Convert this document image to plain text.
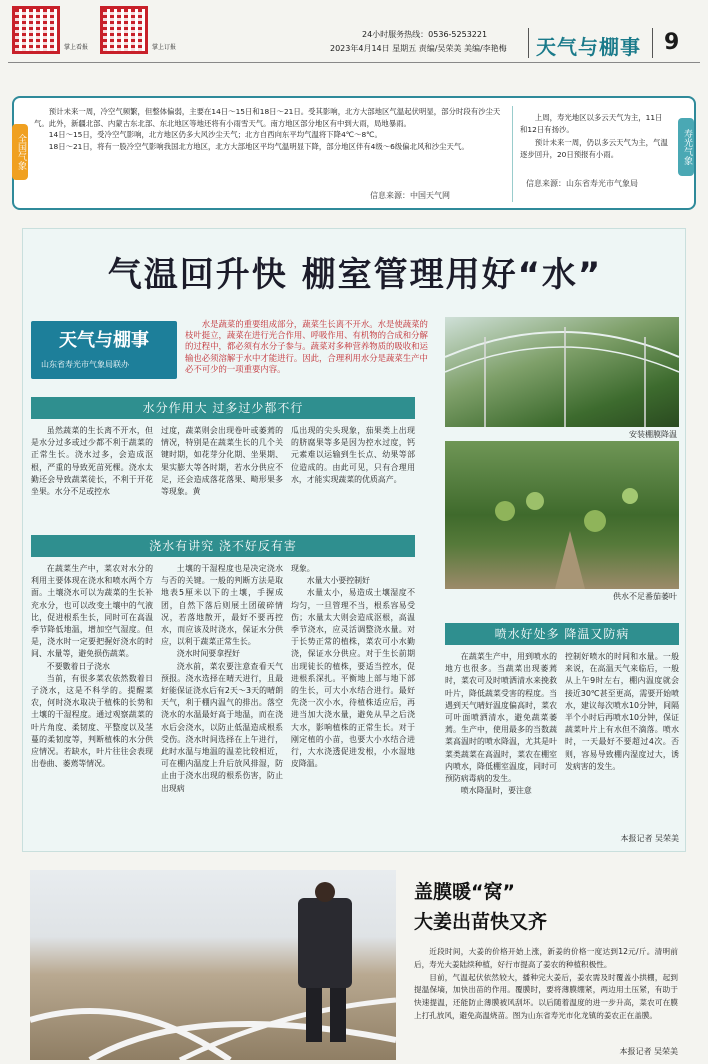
掌上看报	掌上订报
24小时服务热线：0536-5253221
2023年4月14日 星期五 责编/吴荣美 美编/李艳梅 天气与棚事 9
全国气象

预计未来一周，冷空气频繁，但整体偏弱，主要在14日～15日和18日～21日。受其影响，北方大部地区气温起伏明显，部分时段有沙尘天气。此外，新疆北部、内蒙古东北部、东北地区等地还将有小雨雪天气。南方地区部分地区有中到大雨，局地暴雨。

14日～15日，受冷空气影响，北方地区仍多大风沙尘天气；北方自西向东平均气温将下降4℃～8℃。

18日～21日，将有一股冷空气影响我国北方地区，北方大部地区平均气温明显下降，部分地区伴有4级～6级偏北风和沙尘天气。

信息来源：中国天气网

上周，寿光地区以多云天气为主，11日和12日有扬沙。

预计未来一周，仍以多云天气为主，气温逐步回升，20日预报有小雨。

信息来源：山东省寿光市气象局
寿光气象
气温回升快 棚室管理用好“水”
天气与棚事
山东省寿光市气象局联办
水是蔬菜的重要组成部分，蔬菜生长离不开水。水是使蔬菜的枝叶挺立，蔬菜在进行光合作用、呼吸作用、有机物的合成和分解的过程中，都必须有水分子参与。蔬菜对多种营养物质的吸收和运输也必须溶解于水中才能进行。因此，合理利用水分是蔬菜生产中必不可少的一项重要内容。
安装棚膜降温
供水不足番茄萎叶
水分作用大 过多过少都不行

虽然蔬菜的生长离不开水，但是水分过多或过少都不利于蔬菜的正常生长。浇水过多，会造成沤根，严重的导致死苗死棵。浇水太勤还会导致蔬菜徒长，不利于开花坐果。水分不足或控水

过度，蔬菜则会出现卷叶或萎蔫的情况，特别是在蔬菜生长的几个关键时期，如花芽分化期、坐果期、果实膨大等各时期，若水分供应不足，还会造成落花落果、畸形果多等现象。黄

瓜出现的尖头现象，茄果类上出现的脐腐果等多是因为控水过度，钙元素难以运输到生长点、幼果等部位造成的。由此可见，只有合理用水，才能实现蔬菜的优质高产。

浇水有讲究 浇不好反有害

在蔬菜生产中，菜农对水分的利用主要体现在浇水和喷水两个方面。土壤浇水可以为蔬菜的生长补充水分，也可以改变土壤中的气液比，促进根系生长，同时可在高温季节降低地温，增加空气湿度。但是，浇水时一定要把握好浇水的时间、水量等，避免损伤蔬菜。

不要數着日子浇水

当前，有很多菜农依然数着日子浇水，这是不科学的。提醒菜农，何时浇水取决于植株的长势和土壤的干湿程度。通过观察蔬菜的叶片角度、柔韧度、平整度以及茎蔓的柔韧度等，判断植株的水分供应情况。若缺水，叶片往往会表现出卷曲、萎蔫等情况。

土壤的干湿程度也是决定浇水与否的关键。一般的判断方法是取地表5厘米以下的土壤，手握成团，自然下落后则展土团破碎情况，若落地散开，最好不要再控水，而应该及时浇水，保证水分供应，以利于蔬菜正常生长。

浇水时间要拿捏好

浇水前，菜农要注意查看天气预报。浇水选择在晴天进行，且最好能保证浇水后有2天～3天的晴朗天气，利于棚内温气的排出。落空浇水的水温最好高于地温，而在浇水后会浇水，以防止低温造成根系受伤。浇水时间选择在上午进行，此时水温与地温的温差比较相近，可在棚内温度上升后放风排湿，防止由于浇水出现的根系伤害，防止出现病

现象。

水量大小要控制好

水量太小，易造成土壤湿度不均匀，一旦管理不当，根系容易受伤；水量太大则会造成沤根，高温季节浇水，应灵活调整浇水量。对于长势正常的植株，菜农可小水勤浇，保证水分供应。对于生长前期出现徒长的植株，要适当控水，促进根系深扎。平衡地上部与地下部的生长，可大小水结合进行。最好先浇一次小水，待植株适应后，再进当加大浇水量，避免从旱之后浇大水，影响植株的正常生长。对于刚定植的小苗，也要大小水结合进行，大水浇透促进发根，小水湿地皮降温。

喷水好处多 降温又防病

在蔬菜生产中，用到喷水的地方也很多。当蔬菜出现萎蔫时，菜农可及时喷洒清水来挽救叶片，降低蔬菜受害的程度。当遇到天气晴好温度偏高时，菜农可叶面喷洒清水，避免蔬菜萎蔫。生产中，使用最多的当数蔬菜高温时的喷水降温，尤其是叶菜类蔬菜在高温时，菜农在棚室内喷水，降低棚室温度，同时可预防病毒病的发生。

喷水降温时，要注意

控制好喷水的时间和水量。一般来说，在高温天气来临后，一般从上午9时左右，棚内温度就会接近30℃甚至更高，需要开始喷水，建议每次喷水10分钟，间隔半个小时后再喷水10分钟，保证蔬菜叶片上有水但不滴落。喷水时，一天最好不要超过4次。否则，容易导致棚内湿度过大，诱发病害的发生。

本报记者 吴荣美
盖膜暖“窝”
大姜出苗快又齐

近段时间，大姜的价格开始上涨，新姜的价格一度达到12元/斤。清明前后，寿光大姜陆续种植，好行市提高了姜农的种植积极性。

目前，气温起伏依然较大，播种完大姜后，姜农需及时覆盖小拱棚，起到提温保墒，加快出苗的作用。覆膜时，要将薄膜绷紧，两边用土压紧，有助于快速提温，还能防止薄膜被风刮坏。以后随着温度的进一步升高，菜农可在膜上打孔放风，避免高温烧苗。图为山东省寿光市化龙镇的姜农正在盖膜。

本报记者 吴荣美
